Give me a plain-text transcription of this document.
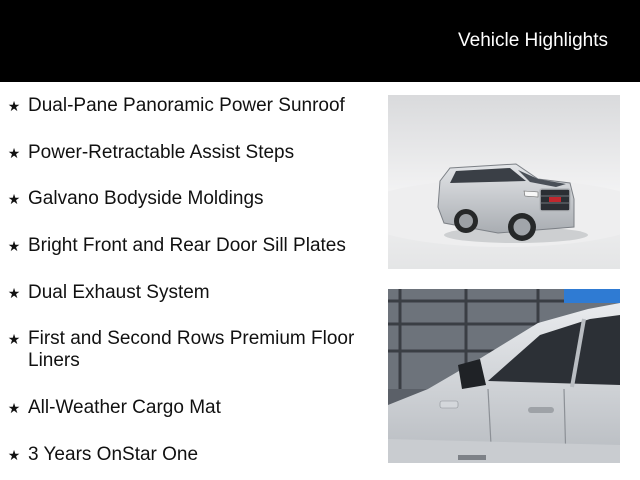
Vehicle Highlights
★ Dual-Pane Panoramic Power Sunroof
★ Power-Retractable Assist Steps
★ Galvano Bodyside Moldings
★ Bright Front and Rear Door Sill Plates
★ Dual Exhaust System
★ First and Second Rows Premium Floor Liners
★ All-Weather Cargo Mat
★ 3 Years OnStar One
